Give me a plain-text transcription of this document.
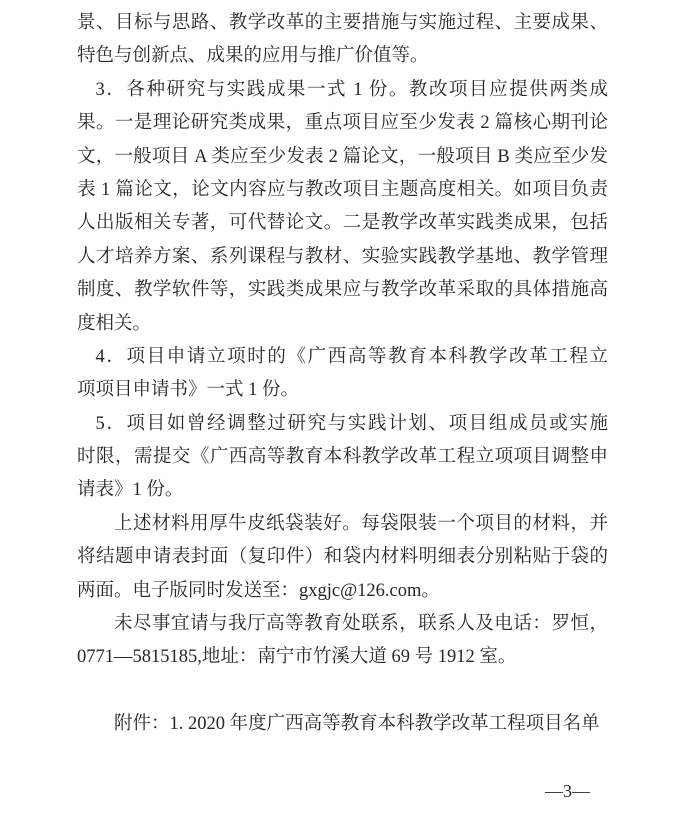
景、目标与思路、教学改革的主要措施与实施过程、主要成果、
特色与创新点、成果的应用与推广价值等。
3．各种研究与实践成果一式 1 份。教改项目应提供两类成
果。一是理论研究类成果，重点项目应至少发表 2 篇核心期刊论
文，一般项目 A 类应至少发表 2 篇论文，一般项目 B 类应至少发
表 1 篇论文，论文内容应与教改项目主题高度相关。如项目负责
人出版相关专著，可代替论文。二是教学改革实践类成果，包括
人才培养方案、系列课程与教材、实验实践教学基地、教学管理
制度、教学软件等，实践类成果应与教学改革采取的具体措施高
度相关。
4．项目申请立项时的《广西高等教育本科教学改革工程立
项项目申请书》一式 1 份。
5．项目如曾经调整过研究与实践计划、项目组成员或实施
时限，需提交《广西高等教育本科教学改革工程立项项目调整申
请表》1 份。
上述材料用厚牛皮纸袋装好。每袋限装一个项目的材料，并
将结题申请表封面（复印件）和袋内材料明细表分别粘贴于袋的
两面。电子版同时发送至：gxgjc@126.com。
未尽事宜请与我厅高等教育处联系，联系人及电话：罗恒，
0771—5815185,地址：南宁市竹溪大道 69 号 1912 室。
附件：1. 2020 年度广西高等教育本科教学改革工程项目名单
—3—
